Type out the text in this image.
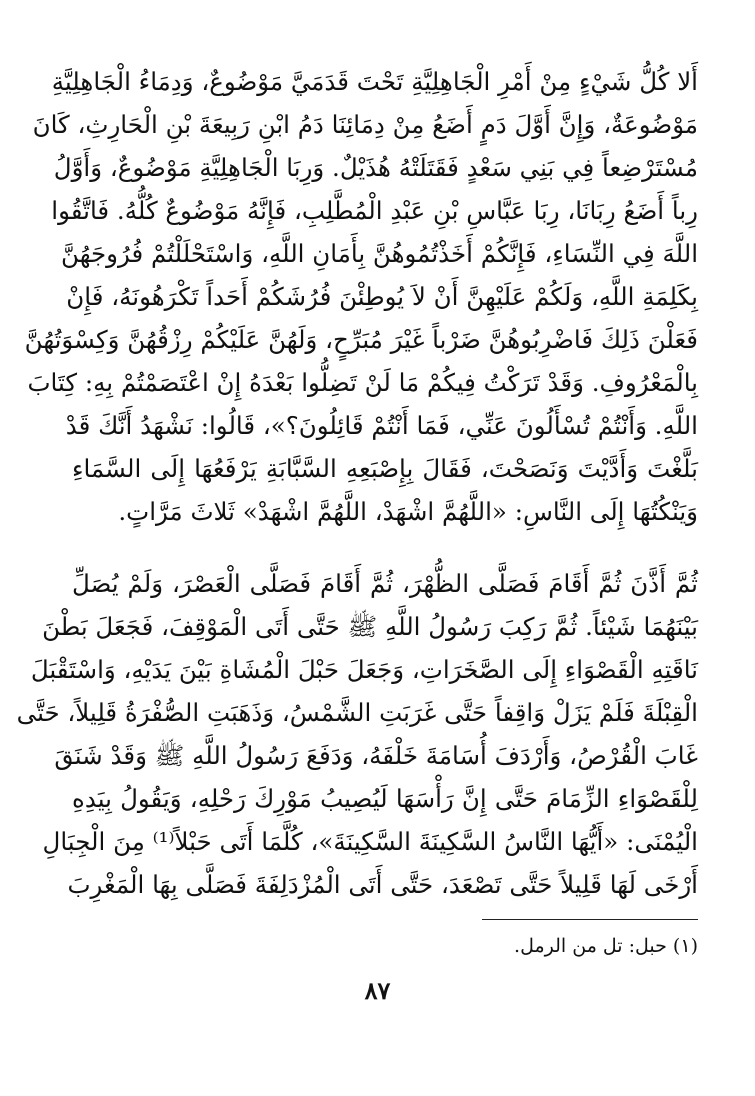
أَلا كُلُّ شَيْءٍ مِنْ أَمْرِ الْجَاهِلِيَّةِ تَحْتَ قَدَمَيَّ مَوْضُوعٌ، وَدِمَاءُ الْجَاهِلِيَّةِ
مَوْضُوعَةٌ، وَإِنَّ أَوَّلَ دَمٍ أَضَعُ مِنْ دِمَائِنَا دَمُ ابْنِ رَبِيعَةَ بْنِ الْحَارِثِ، كَانَ
مُسْتَرْضِعاً فِي بَنِي سَعْدٍ فَقَتَلَتْهُ هُذَيْلٌ. وَرِبَا الْجَاهِلِيَّةِ مَوْضُوعٌ، وَأَوَّلُ
رِباً أَضَعُ رِبَانَا، رِبَا عَبَّاسِ بْنِ عَبْدِ الْمُطَّلِبِ، فَإِنَّهُ مَوْضُوعٌ كُلُّهُ. فَاتَّقُوا
اللَّهَ فِي النِّسَاءِ، فَإِنَّكُمْ أَخَذْتُمُوهُنَّ بِأَمَانِ اللَّهِ، وَاسْتَحْلَلْتُمْ فُرُوجَهُنَّ
بِكَلِمَةِ اللَّهِ، وَلَكُمْ عَلَيْهِنَّ أَنْ لاَ يُوطِئْنَ فُرُشَكُمْ أَحَداً تَكْرَهُونَهُ، فَإِنْ
فَعَلْنَ ذَلِكَ فَاضْرِبُوهُنَّ ضَرْباً غَيْرَ مُبَرِّحٍ، وَلَهُنَّ عَلَيْكُمْ رِزْقُهُنَّ وَكِسْوَتُهُنَّ
بِالْمَعْرُوفِ. وَقَدْ تَرَكْتُ فِيكُمْ مَا لَنْ تَضِلُّوا بَعْدَهُ إِنْ اعْتَصَمْتُمْ بِهِ: كِتَابَ
اللَّهِ. وَأَنْتُمْ تُسْأَلُونَ عَنِّي، فَمَا أَنْتُمْ قَائِلُونَ؟»، قَالُوا: نَشْهَدُ أَنَّكَ قَدْ
بَلَّغْتَ وَأَدَّيْتَ وَنَصَحْتَ، فَقَالَ بِإِصْبَعِهِ السَّبَّابَةِ يَرْفَعُهَا إِلَى السَّمَاءِ
وَيَنْكُتُهَا إِلَى النَّاسِ: «اللَّهُمَّ اشْهَدْ، اللَّهُمَّ اشْهَدْ» ثَلاثَ مَرَّاتٍ.
ثُمَّ أَذَّنَ ثُمَّ أَقَامَ فَصَلَّى الظُّهْرَ، ثُمَّ أَقَامَ فَصَلَّى الْعَصْرَ، وَلَمْ يُصَلِّ
بَيْنَهُمَا شَيْئاً. ثُمَّ رَكِبَ رَسُولُ اللَّهِ ﷺ حَتَّى أَتَى الْمَوْقِفَ، فَجَعَلَ بَطْنَ
نَاقَتِهِ الْقَصْوَاءِ إِلَى الصَّخَرَاتِ، وَجَعَلَ حَبْلَ الْمُشَاةِ بَيْنَ يَدَيْهِ، وَاسْتَقْبَلَ
الْقِبْلَةَ فَلَمْ يَزَلْ وَاقِفاً حَتَّى غَرَبَتِ الشَّمْسُ، وَذَهَبَتِ الصُّفْرَةُ قَلِيلاً، حَتَّى
غَابَ الْقُرْصُ، وَأَرْدَفَ أُسَامَةَ خَلْفَهُ، وَدَفَعَ رَسُولُ اللَّهِ ﷺ وَقَدْ شَنَقَ
لِلْقَصْوَاءِ الزِّمَامَ حَتَّى إِنَّ رَأْسَهَا لَيُصِيبُ مَوْرِكَ رَحْلِهِ، وَيَقُولُ بِيَدِهِ
الْيُمْنَى: «أَيُّهَا النَّاسُ السَّكِينَةَ السَّكِينَةَ»، كُلَّمَا أَتَى حَبْلاً⁽¹⁾ مِنَ الْجِبَالِ
أَرْخَى لَهَا قَلِيلاً حَتَّى تَصْعَدَ، حَتَّى أَتَى الْمُزْدَلِفَةَ فَصَلَّى بِهَا الْمَغْرِبَ
(١) حبل: تل من الرمل.
٨٧
